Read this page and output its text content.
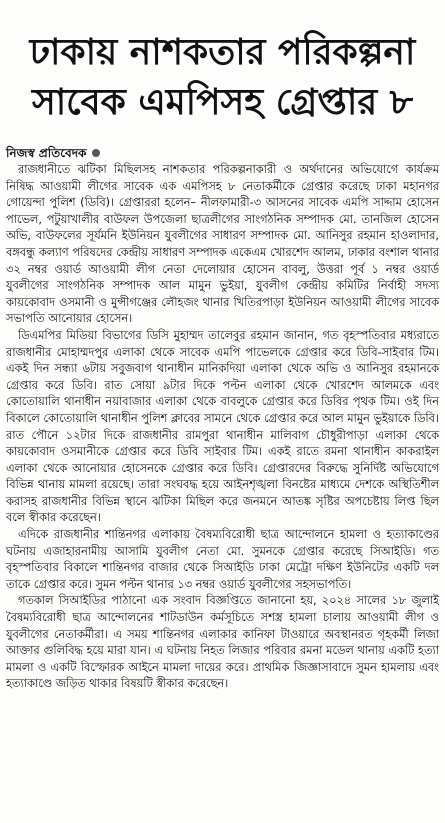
ঢাকায় নাশকতার পরিকল্পনা
সাবেক এমপিসহ গ্রেপ্তার ৮
নিজস্ব প্রতিবেদক

রাজধানীতে ঝটিকা মিছিলসহ নাশকতার পরিকল্পনাকারী ও অর্থদানের অভিযোগে কার্যক্রম নিষিদ্ধ আওয়ামী লীগের সাবেক এক এমপিসহ ৮ নেতাকর্মীকে গ্রেপ্তার করেছে ঢাকা মহানগর গোয়েন্দা পুলিশ (ডিবি)। গ্রেপ্তাররা হলেন– নীলফামারী-৩ আসনের সাবেক এমপি সাদ্দাম হোসেন পাভেল, পটুয়াখালীর বাউফল উপজেলা ছাত্রলীগের সাংগঠনিক সম্পাদক মো. তানজিল হোসেন অভি, বাউফলের সূর্যমনি ইউনিয়ন যুবলীগের সাধারণ সম্পাদক মো. আনিসুর রহমান হাওলাদার, বঙ্গবন্ধু কল্যাণ পরিষদের কেন্দ্রীয় সাধারণ সম্পাদক একেএম খোরশেদ আলম, ঢাকার বংশাল থানার ৩২ নম্বর ওয়ার্ড আওয়ামী লীগ নেতা দেলোয়ার হোসেন বাবলু, উত্তরা পূর্ব ১ নম্বর ওয়ার্ড যুবলীগের সাংগঠনিক সম্পাদক আল মামুন ভুইয়া, যুবলীগ কেন্দ্রীয় কমিটির নির্বাহী সদস্য কায়কোবাদ ওসমানী ও মুন্সীগঞ্জের লৌহজং থানার খিতিরপাড়া ইউনিয়ন আওয়ামী লীগের সাবেক সভাপতি আনোয়ার হোসেন।

ডিএমপির মিডিয়া বিভাগের ডিসি মুহাম্মদ তালেবুর রহমান জানান, গত বৃহস্পতিবার মধ্যরাতে রাজধানীর মোহাম্মদপুর এলাকা থেকে সাবেক এমপি পাভেলকে গ্রেপ্তার করে ডিবি-সাইবার টিম। একই দিন সন্ধ্যা ৬টায় সবুজবাগ থানাধীন মানিকদিয়া এলাকা থেকে অভি ও আনিসুর রহমানকে গ্রেপ্তার করে ডিবি। রাত সোয়া ৯টার দিকে পল্টন এলাকা থেকে খোরশেদ আলমকে এবং কোতোয়ালি থানাধীন নয়াবাজার এলাকা থেকে বাবলুকে গ্রেপ্তার করে ডিবির পৃথক টিম। ওই দিন বিকালে কোতোয়ালি থানাধীন পুলিশ ক্লাবের সামনে থেকে গ্রেপ্তার করে আল মামুন ভুইয়াকে ডিবি। রাত পৌনে ১২টার দিকে রাজধানীর রামপুরা থানাধীন মালিবাগ চৌধুরীপাড়া এলাকা থেকে কায়কোবাদ ওসমানীকে গ্রেপ্তার করে ডিবি সাইবার টিম। একই রাতে রমনা থানাধীন কাকরাইল এলাকা থেকে আনোয়ার হোসেনকে গ্রেপ্তার করে ডিবি। গ্রেপ্তারদের বিরুদ্ধে সুনির্দিষ্ট অভিযোগে বিভিন্ন থানায় মামলা রয়েছে। তারা সংঘবদ্ধ হয়ে আইনশৃঙ্খলা বিনষ্টের মাধ্যমে দেশকে অস্থিতিশীল করাসহ রাজধানীর বিভিন্ন স্থানে ঝটিকা মিছিল করে জনমনে আতঙ্ক সৃষ্টির অপচেষ্টায় লিপ্ত ছিল বলে স্বীকার করেছেন।

এদিকে রাজধানীর শান্তিনগর এলাকায় বৈষম্যবিরোধী ছাত্র আন্দোলনে হামলা ও হত্যাকাণ্ডের ঘটনায় এজাহারনামীয় আসামি যুবলীগ নেতা মো. সুমনকে গ্রেপ্তার করেছে সিআইডি। গত বৃহস্পতিবার বিকালে শান্তিনগর বাজার থেকে সিআইডি ঢাকা মেট্রো দক্ষিণ ইউনিটের একটি দল তাকে গ্রেপ্তার করে। সুমন পল্টন থানার ১৩ নম্বর ওয়ার্ড যুবলীগের সহসভাপতি।

গতকাল সিআইডির পাঠানো এক সংবাদ বিজ্ঞপ্তিতে জানানো হয়, ২০২৪ সালের ১৮ জুলাই বৈষম্যবিরোধী ছাত্র আন্দোলনের শাটডাউন কর্মসূচিতে সশস্ত্র হামলা চালায় আওয়ামী লীগ ও যুবলীগের নেতাকর্মীরা। এ সময় শান্তিনগর এলাকার কানিফা টাওয়ারে অবস্থানরত গৃহকর্মী লিজা আক্তার গুলিবিদ্ধ হয়ে মারা যান। এ ঘটনায় নিহত লিজার পরিবার রমনা মডেল থানায় একটি হত্যা মামলা ও একটি বিস্ফোরক আইনে মামলা দায়ের করে। প্রাথমিক জিজ্ঞাসাবাদে সুমন হামলায় এবং হত্যাকাণ্ডে জড়িত থাকার বিষয়টি স্বীকার করেছেন।
